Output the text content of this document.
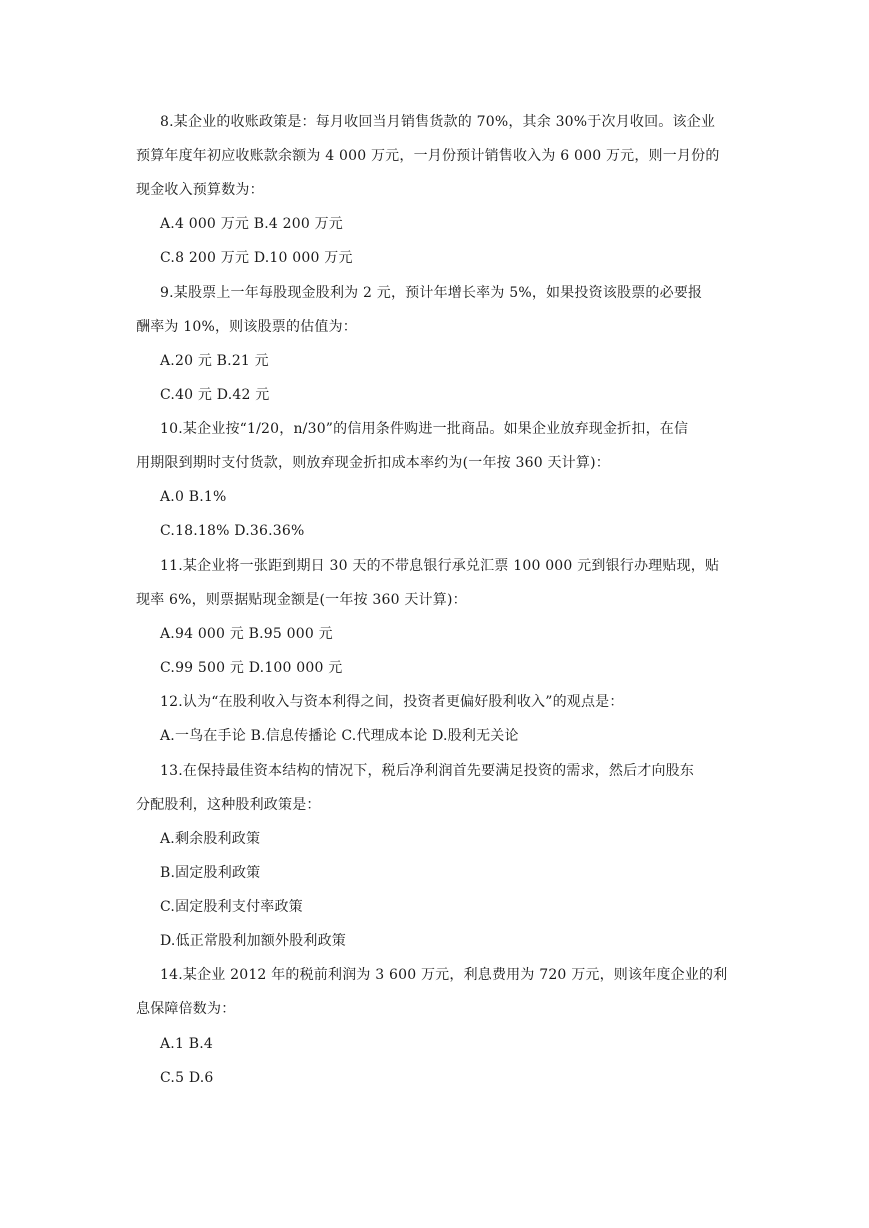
8.某企业的收账政策是：每月收回当月销售货款的 70%，其余 30%于次月收回。该企业
预算年度年初应收账款余额为 4 000 万元，一月份预计销售收入为 6 000 万元，则一月份的
现金收入预算数为：
A.4 000 万元 B.4 200 万元
C.8 200 万元 D.10 000 万元
9.某股票上一年每股现金股利为 2 元，预计年增长率为 5%，如果投资该股票的必要报
酬率为 10%，则该股票的估值为：
A.20 元 B.21 元
C.40 元 D.42 元
10.某企业按“1/20，n/30”的信用条件购进一批商品。如果企业放弃现金折扣，在信
用期限到期时支付货款，则放弃现金折扣成本率约为(一年按 360 天计算)：
A.0 B.1%
C.18.18% D.36.36%
11.某企业将一张距到期日 30 天的不带息银行承兑汇票 100 000 元到银行办理贴现，贴
现率 6%，则票据贴现金额是(一年按 360 天计算)：
A.94 000 元 B.95 000 元
C.99 500 元 D.100 000 元
12.认为“在股利收入与资本利得之间，投资者更偏好股利收入”的观点是：
A.一鸟在手论 B.信息传播论 C.代理成本论 D.股利无关论
13.在保持最佳资本结构的情况下，税后净利润首先要满足投资的需求，然后才向股东
分配股利，这种股利政策是：
A.剩余股利政策
B.固定股利政策
C.固定股利支付率政策
D.低正常股利加额外股利政策
14.某企业 2012 年的税前利润为 3 600 万元，利息费用为 720 万元，则该年度企业的利
息保障倍数为：
A.1 B.4
C.5 D.6
